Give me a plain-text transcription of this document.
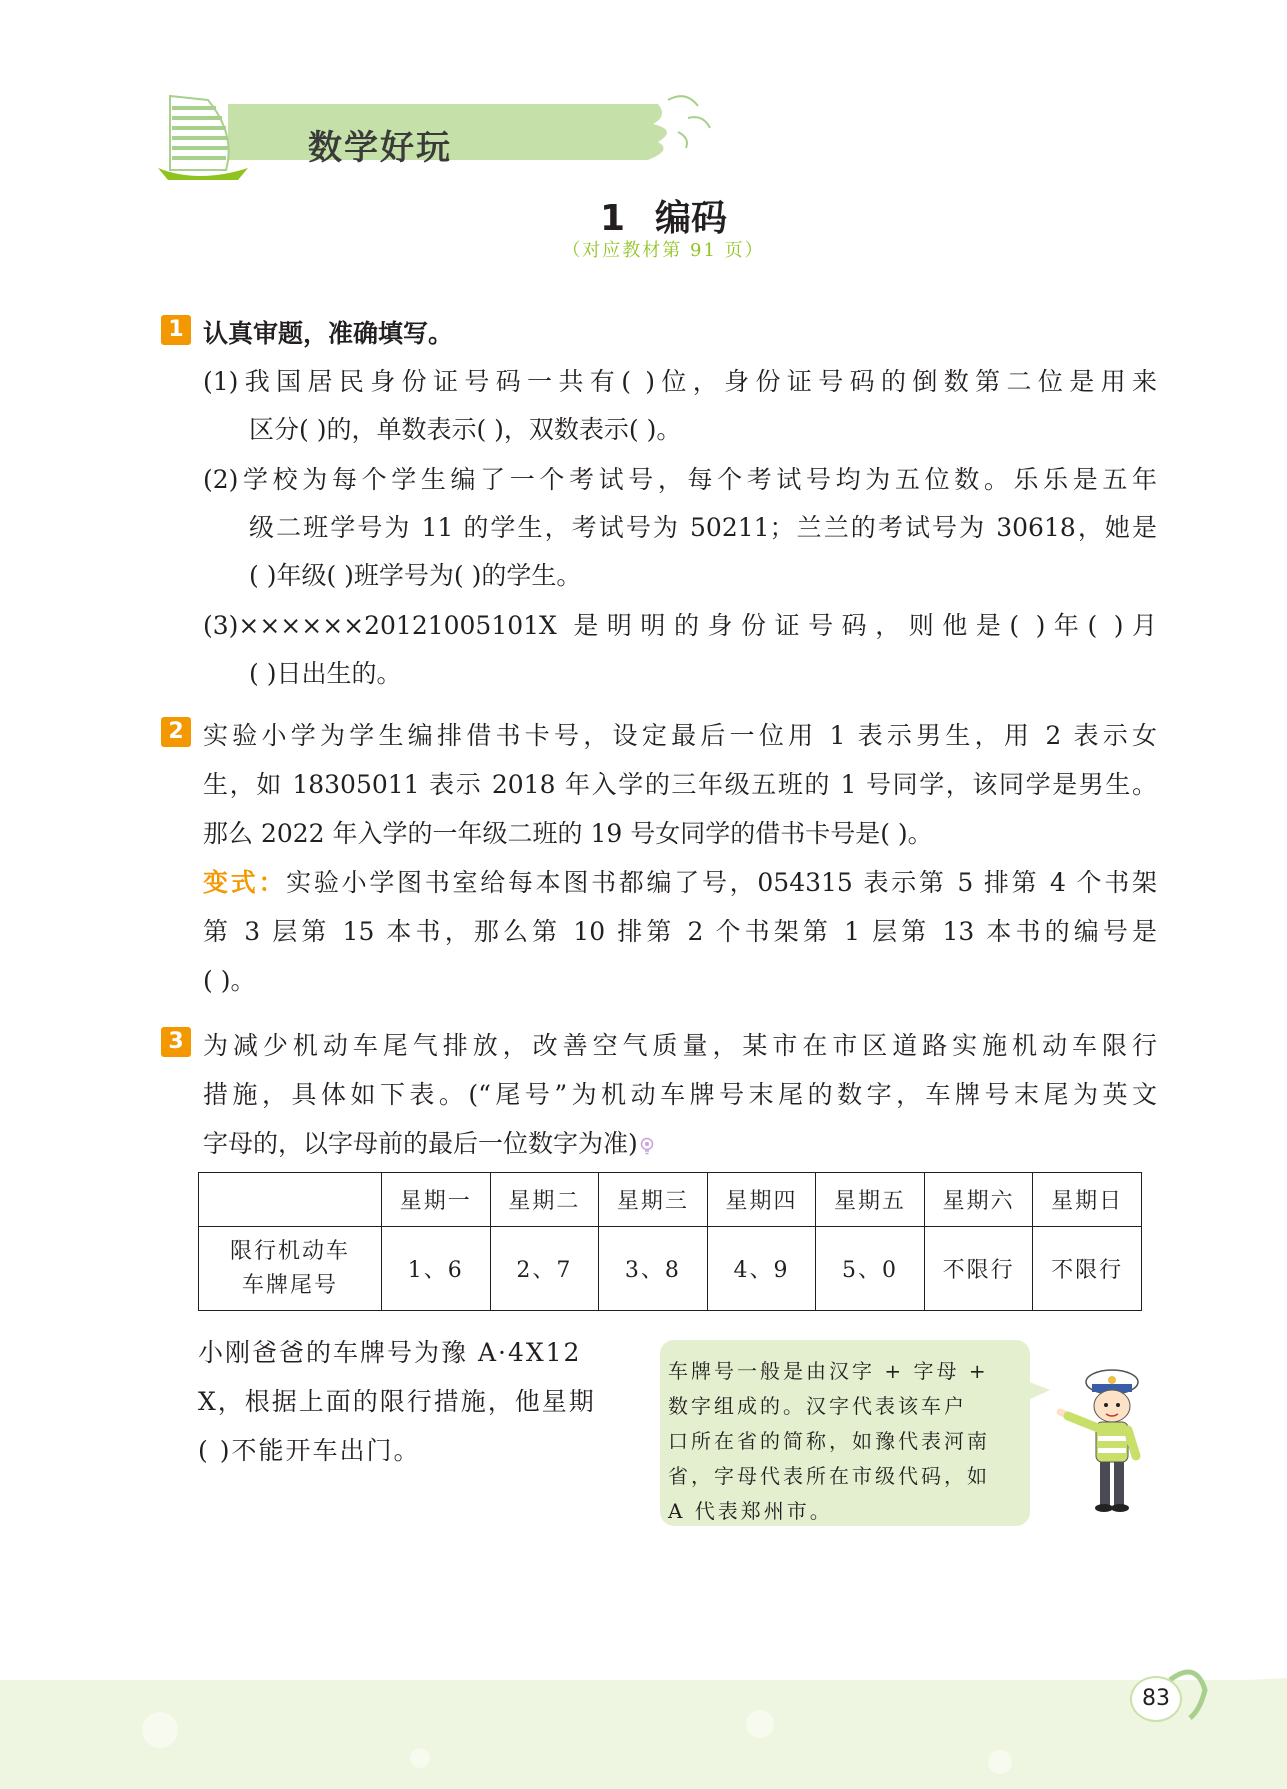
数学好玩
1 编码
（对应教材第 91 页）
1 认真审题，准确填写。
(1)我国居民身份证号码一共有( )位，身份证号码的倒数第二位是用来
区分( )的，单数表示( )，双数表示( )。
(2)学校为每个学生编了一个考试号，每个考试号均为五位数。乐乐是五年
级二班学号为 11 的学生，考试号为 50211；兰兰的考试号为 30618，她是
( )年级( )班学号为( )的学生。
(3)××××××20121005101X 是明明的身份证号码，则他是( )年( )月
( )日出生的。
2 实验小学为学生编排借书卡号，设定最后一位用 1 表示男生，用 2 表示女
生，如 18305011 表示 2018 年入学的三年级五班的 1 号同学，该同学是男生。
那么 2022 年入学的一年级二班的 19 号女同学的借书卡号是( )。
变式：实验小学图书室给每本图书都编了号，054315 表示第 5 排第 4 个书架
第 3 层第 15 本书，那么第 10 排第 2 个书架第 1 层第 13 本书的编号是
( )。
3 为减少机动车尾气排放，改善空气质量，某市在市区道路实施机动车限行
措施，具体如下表。(“尾号”为机动车牌号末尾的数字，车牌号末尾为英文
字母的，以字母前的最后一位数字为准)
	星期一	星期二	星期三	星期四	星期五	星期六	星期日

限行机动车
车牌尾号	1、6	2、7	3、8	4、9	5、0	不限行	不限行
小刚爸爸的车牌号为豫 A·4X12
X，根据上面的限行措施，他星期
( )不能开车出门。
车牌号一般是由汉字 + 字母 +
数字组成的。汉字代表该车户
口所在省的简称，如豫代表河南
省，字母代表所在市级代码，如
A 代表郑州市。
83
